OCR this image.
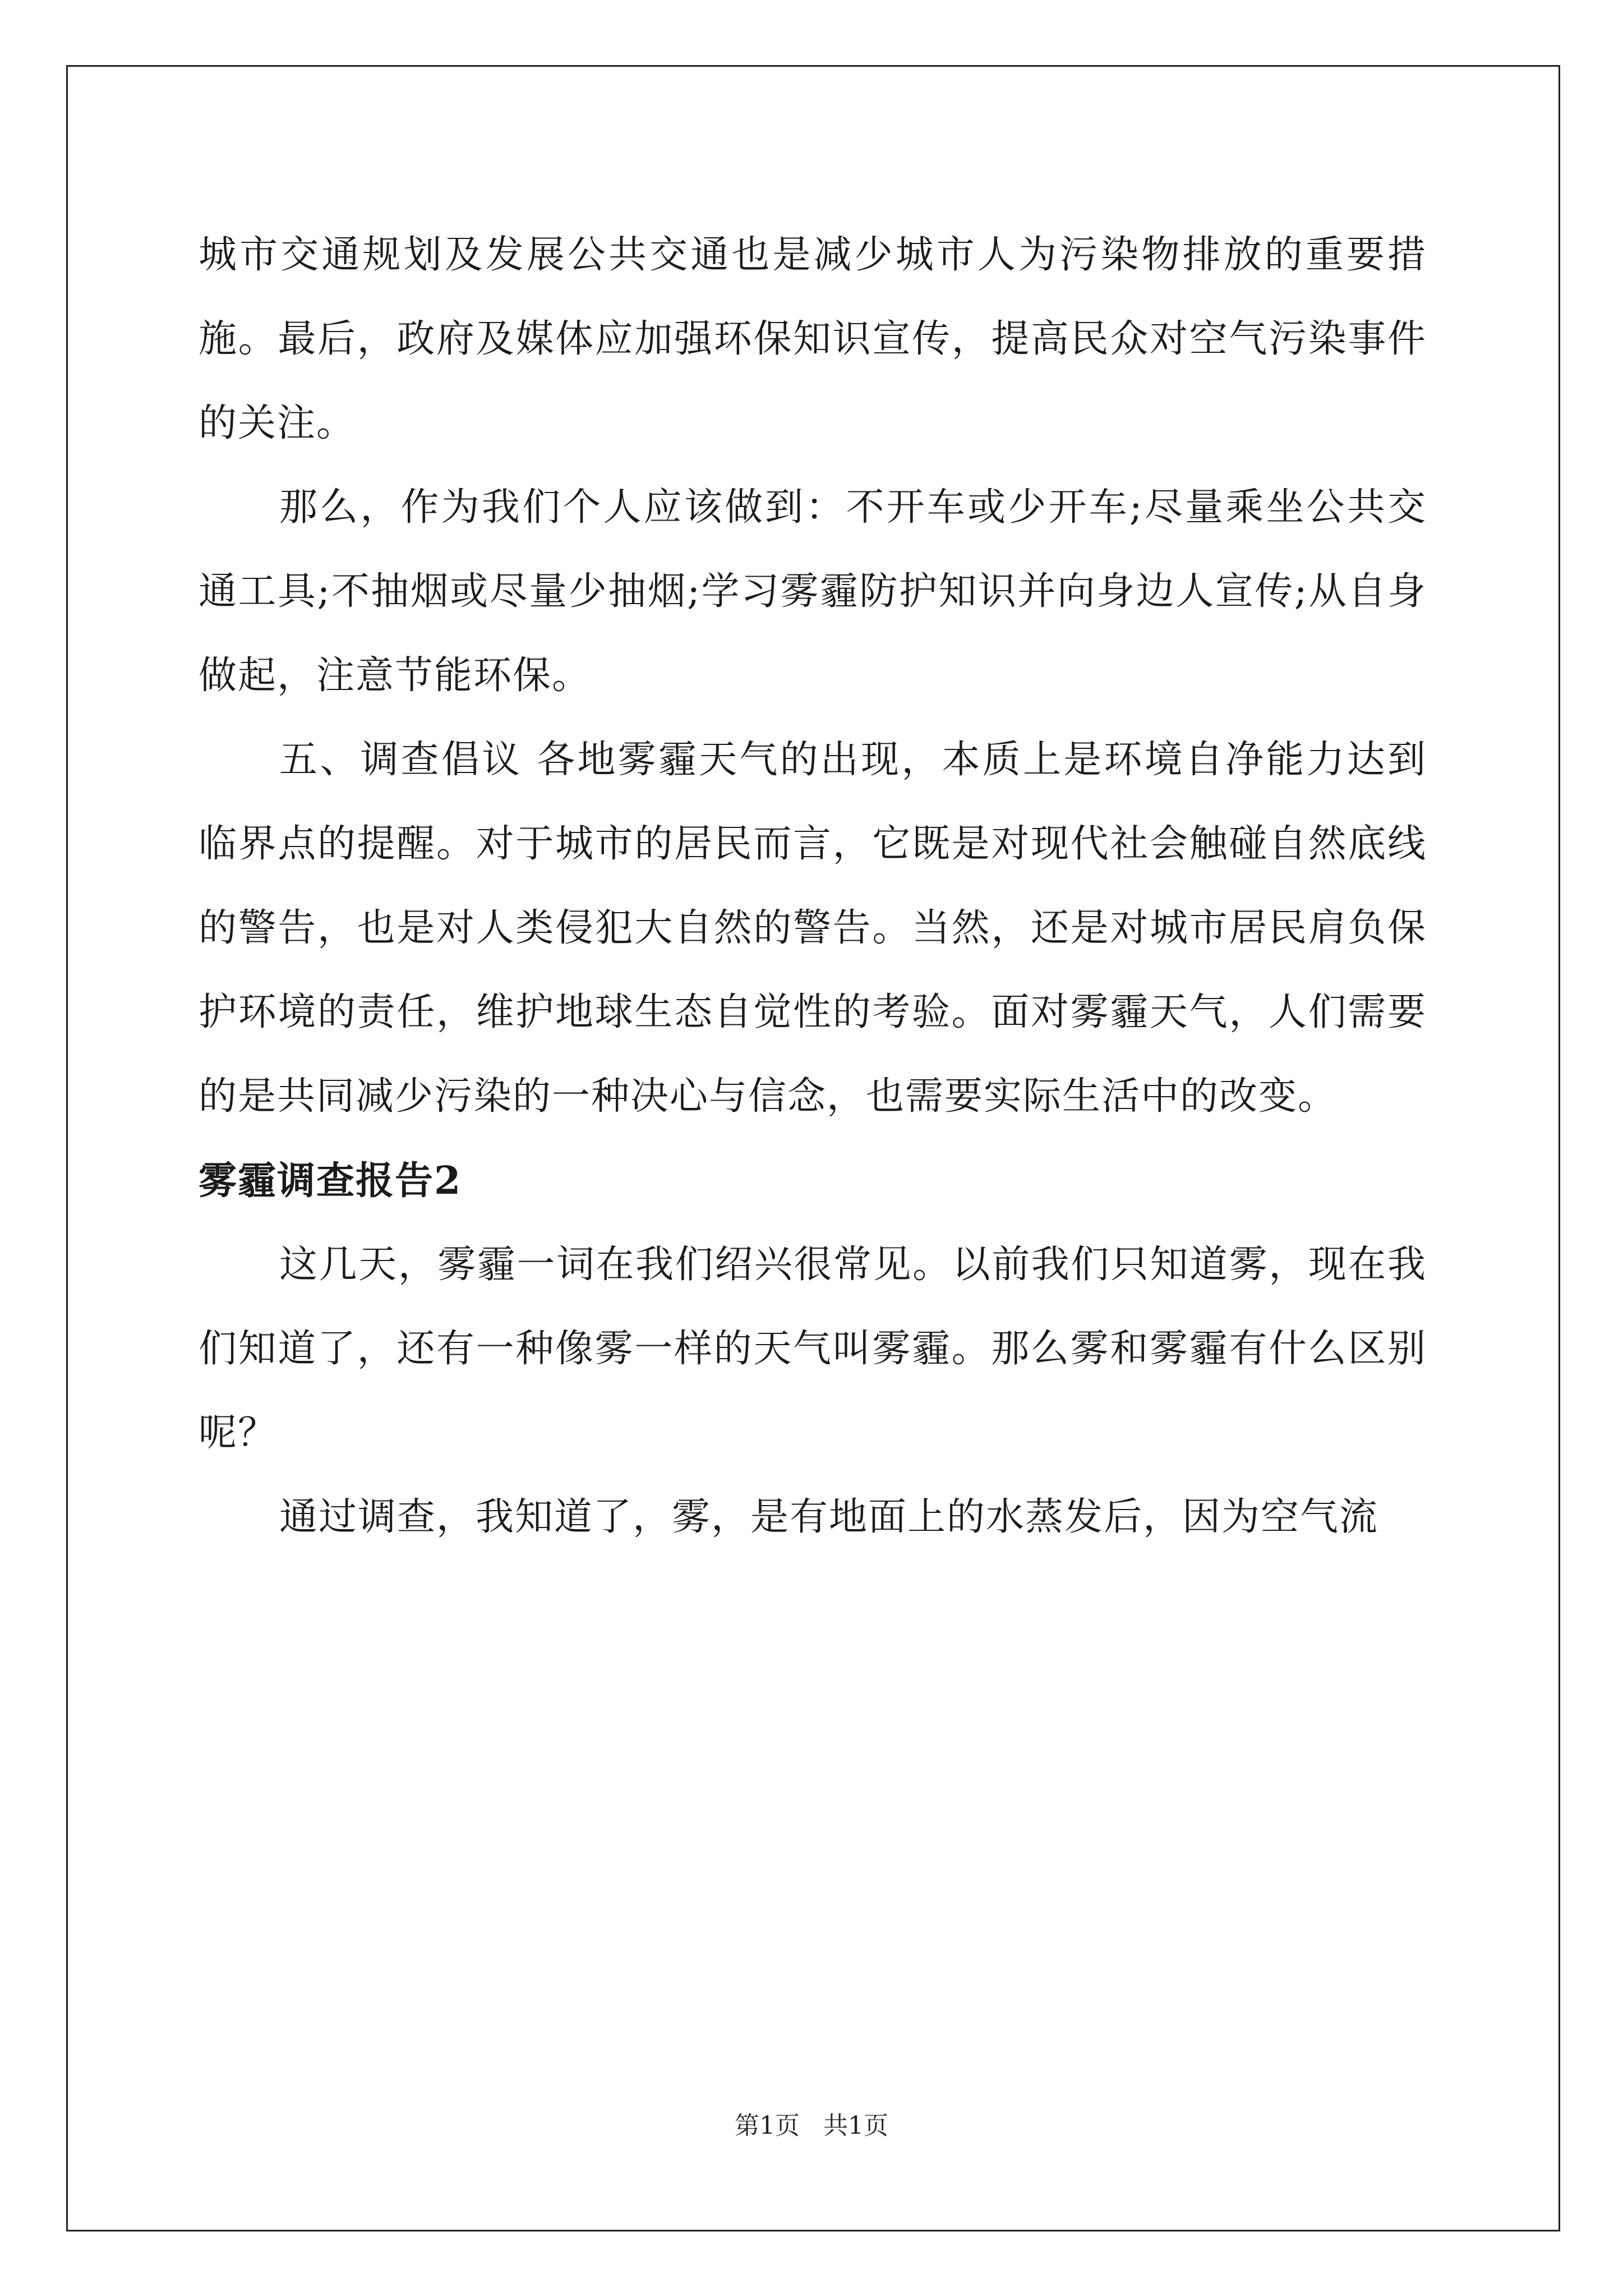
城市交通规划及发展公共交通也是减少城市人为污染物排放的重要措施。最后，政府及媒体应加强环保知识宣传，提高民众对空气污染事件的关注。

那么，作为我们个人应该做到：不开车或少开车;尽量乘坐公共交通工具;不抽烟或尽量少抽烟;学习雾霾防护知识并向身边人宣传;从自身做起，注意节能环保。

五、调查倡议 各地雾霾天气的出现，本质上是环境自净能力达到临界点的提醒。对于城市的居民而言，它既是对现代社会触碰自然底线的警告，也是对人类侵犯大自然的警告。当然，还是对城市居民肩负保护环境的责任，维护地球生态自觉性的考验。面对雾霾天气，人们需要的是共同减少污染的一种决心与信念，也需要实际生活中的改变。

雾霾调查报告2

这几天，雾霾一词在我们绍兴很常见。以前我们只知道雾，现在我们知道了，还有一种像雾一样的天气叫雾霾。那么雾和雾霾有什么区别呢？

通过调查，我知道了，雾，是有地面上的水蒸发后，因为空气流

第1页 共1页
